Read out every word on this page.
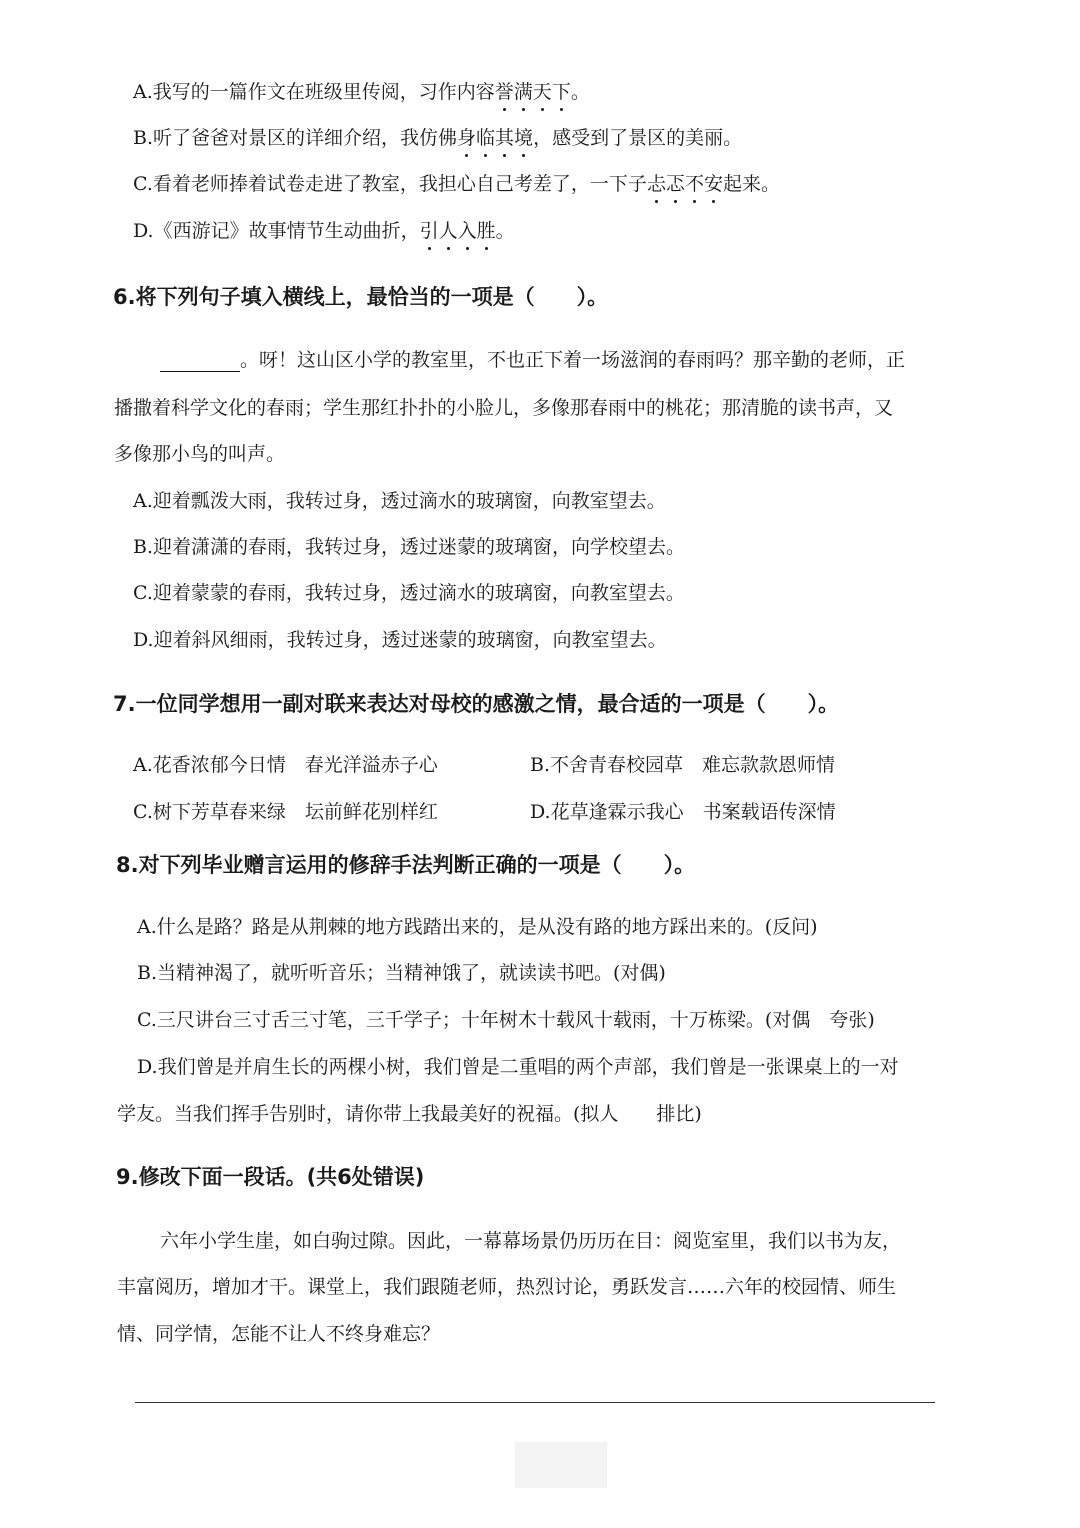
A.我写的一篇作文在班级里传阅，习作内容誉满天下。
B.听了爸爸对景区的详细介绍，我仿佛身临其境，感受到了景区的美丽。
C.看着老师捧着试卷走进了教室，我担心自己考差了，一下子忐忑不安起来。
D.《西游记》故事情节生动曲折，引人入胜。
6.将下列句子填入横线上，最恰当的一项是（　　）。
。呀！这山区小学的教室里，不也正下着一场滋润的春雨吗？那辛勤的老师，正
播撒着科学文化的春雨；学生那红扑扑的小脸儿，多像那春雨中的桃花；那清脆的读书声，又
多像那小鸟的叫声。
A.迎着瓢泼大雨，我转过身，透过滴水的玻璃窗，向教室望去。
B.迎着潇潇的春雨，我转过身，透过迷蒙的玻璃窗，向学校望去。
C.迎着蒙蒙的春雨，我转过身，透过滴水的玻璃窗，向教室望去。
D.迎着斜风细雨，我转过身，透过迷蒙的玻璃窗，向教室望去。
7.一位同学想用一副对联来表达对母校的感激之情，最合适的一项是（　　）。
A.花香浓郁今日情　春光洋溢赤子心	B.不舍青春校园草　难忘款款恩师情
C.树下芳草春来绿　坛前鲜花别样红	D.花草逢霖示我心　书案载语传深情
8.对下列毕业赠言运用的修辞手法判断正确的一项是（　　）。
A.什么是路？路是从荆棘的地方践踏出来的，是从没有路的地方踩出来的。(反问)
B.当精神渴了，就听听音乐；当精神饿了，就读读书吧。(对偶)
C.三尺讲台三寸舌三寸笔，三千学子；十年树木十载风十载雨，十万栋梁。(对偶　夸张)
D.我们曾是并肩生长的两棵小树，我们曾是二重唱的两个声部，我们曾是一张课桌上的一对
学友。当我们挥手告别时，请你带上我最美好的祝福。(拟人　　排比)
9.修改下面一段话。(共6处错误)
六年小学生崖，如白驹过隙。因此，一幕幕场景仍历历在目：阅览室里，我们以书为友，
丰富阅历，增加才干。课堂上，我们跟随老师，热烈讨论，勇跃发言……六年的校园情、师生
情、同学情，怎能不让人不终身难忘？
